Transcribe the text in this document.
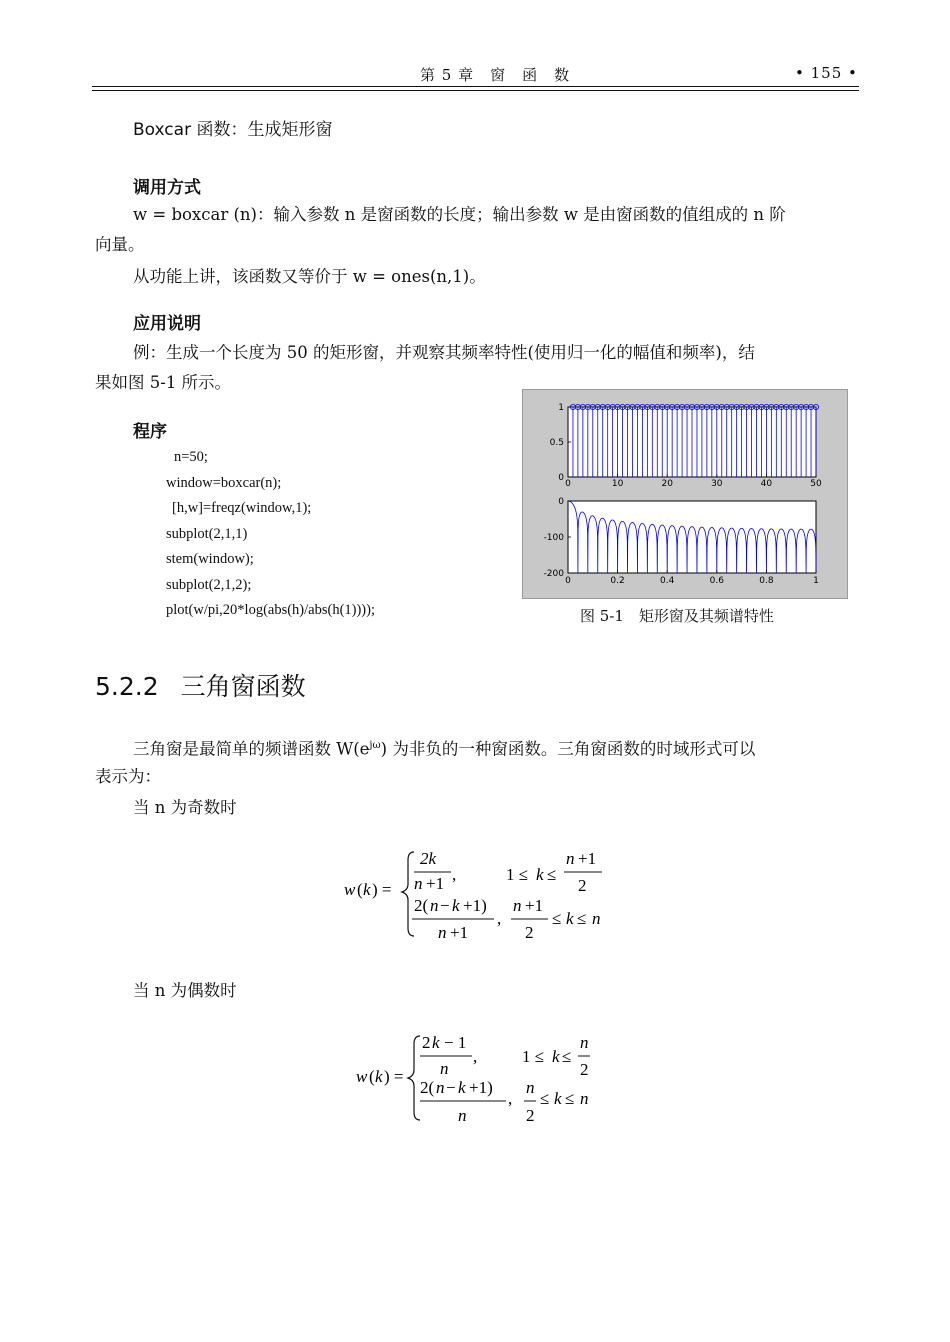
第 5 章　窗　函　数	• 155 •
Boxcar 函数：生成矩形窗
调用方式
w = boxcar (n)：输入参数 n 是窗函数的长度；输出参数 w 是由窗函数的值组成的 n 阶
向量。
从功能上讲，该函数又等价于 w = ones(n,1)。
应用说明
例：生成一个长度为 50 的矩形窗，并观察其频率特性(使用归一化的幅值和频率)，结
果如图 5-1 所示。
程序
n=50;
window=boxcar(n);
[h,w]=freqz(window,1);
subplot(2,1,1)
stem(window);
subplot(2,1,2);
plot(w/pi,20*log(abs(h)/abs(h(1))));
0	10	20	30	40	50
0
0.5
1
0	0.2	0.4	0.6	0.8	1
0
-100
-200
图 5-1　矩形窗及其频谱特性
5.2.2 三角窗函数
三角窗是最简单的频谱函数 $W(e^{j\omega})$ 为非负的一种窗函数。三角窗函数的时域形式可以
表示为：
当 n 为奇数时
w ( k ) =
2k
n +1 ,	1 ≤ k ≤
n +1
2
2( n − k +1)
n +1
,
n +1
2
≤ k ≤ n
当 n 为偶数时
w ( k ) =
2 k − 1
n
,	1 ≤ k ≤
n
2
2( n − k +1)
n
,
n
2
≤ k ≤ n
